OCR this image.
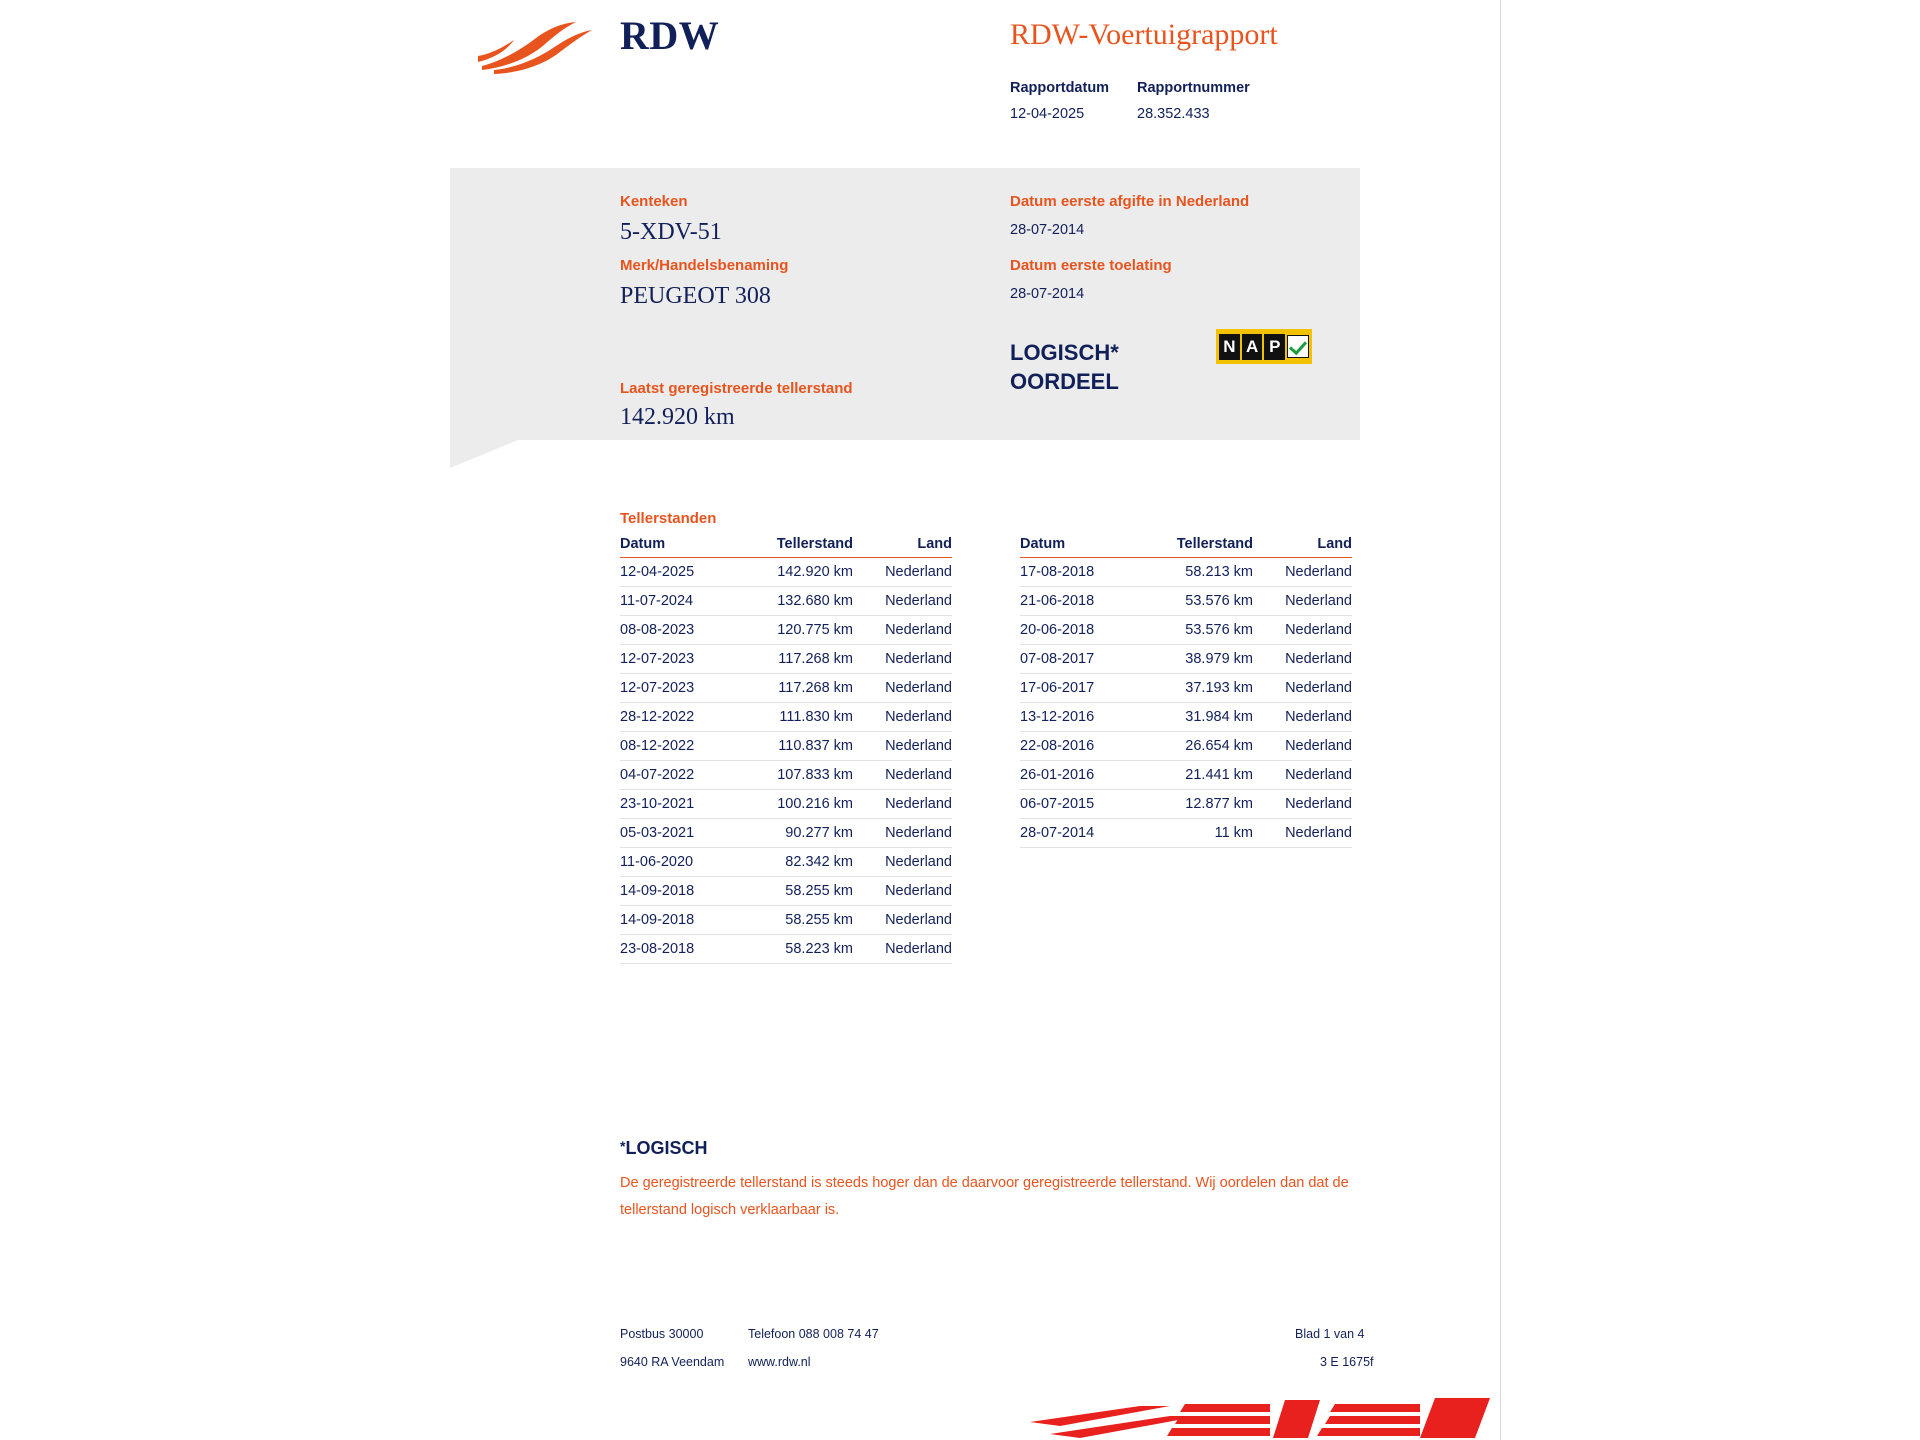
RDW	RDW-Voertuigrapport
Rapportdatum Rapportnummer
12-04-2025	28.352.433
Kenteken
5-XDV-51
Merk/Handelsbenaming
PEUGEOT 308
Laatst geregistreerde tellerstand
142.920 km
Datum eerste afgifte in Nederland
28-07-2014
Datum eerste toelating
28-07-2014
LOGISCH*
OORDEEL
N A P
Tellerstanden
Datum	Tellerstand	Land
12-04-2025	142.920 km	Nederland
11-07-2024	132.680 km	Nederland
08-08-2023	120.775 km	Nederland
12-07-2023	117.268 km	Nederland
12-07-2023	117.268 km	Nederland
28-12-2022	111.830 km	Nederland
08-12-2022	110.837 km	Nederland
04-07-2022	107.833 km	Nederland
23-10-2021	100.216 km	Nederland
05-03-2021	90.277 km	Nederland
11-06-2020	82.342 km	Nederland
14-09-2018	58.255 km	Nederland
14-09-2018	58.255 km	Nederland
23-08-2018	58.223 km	Nederland
Datum	Tellerstand	Land
17-08-2018	58.213 km	Nederland
21-06-2018	53.576 km	Nederland
20-06-2018	53.576 km	Nederland
07-08-2017	38.979 km	Nederland
17-06-2017	37.193 km	Nederland
13-12-2016	31.984 km	Nederland
22-08-2016	26.654 km	Nederland
26-01-2016	21.441 km	Nederland
06-07-2015	12.877 km	Nederland
28-07-2014	11 km	Nederland
*LOGISCH
De geregistreerde tellerstand is steeds hoger dan de daarvoor geregistreerde tellerstand. Wij oordelen dan dat de tellerstand logisch verklaarbaar is.
Postbus 30000
9640 RA Veendam
Telefoon 088 008 74 47
www.rdw.nl
Blad 1 van 4
3 E 1675f
